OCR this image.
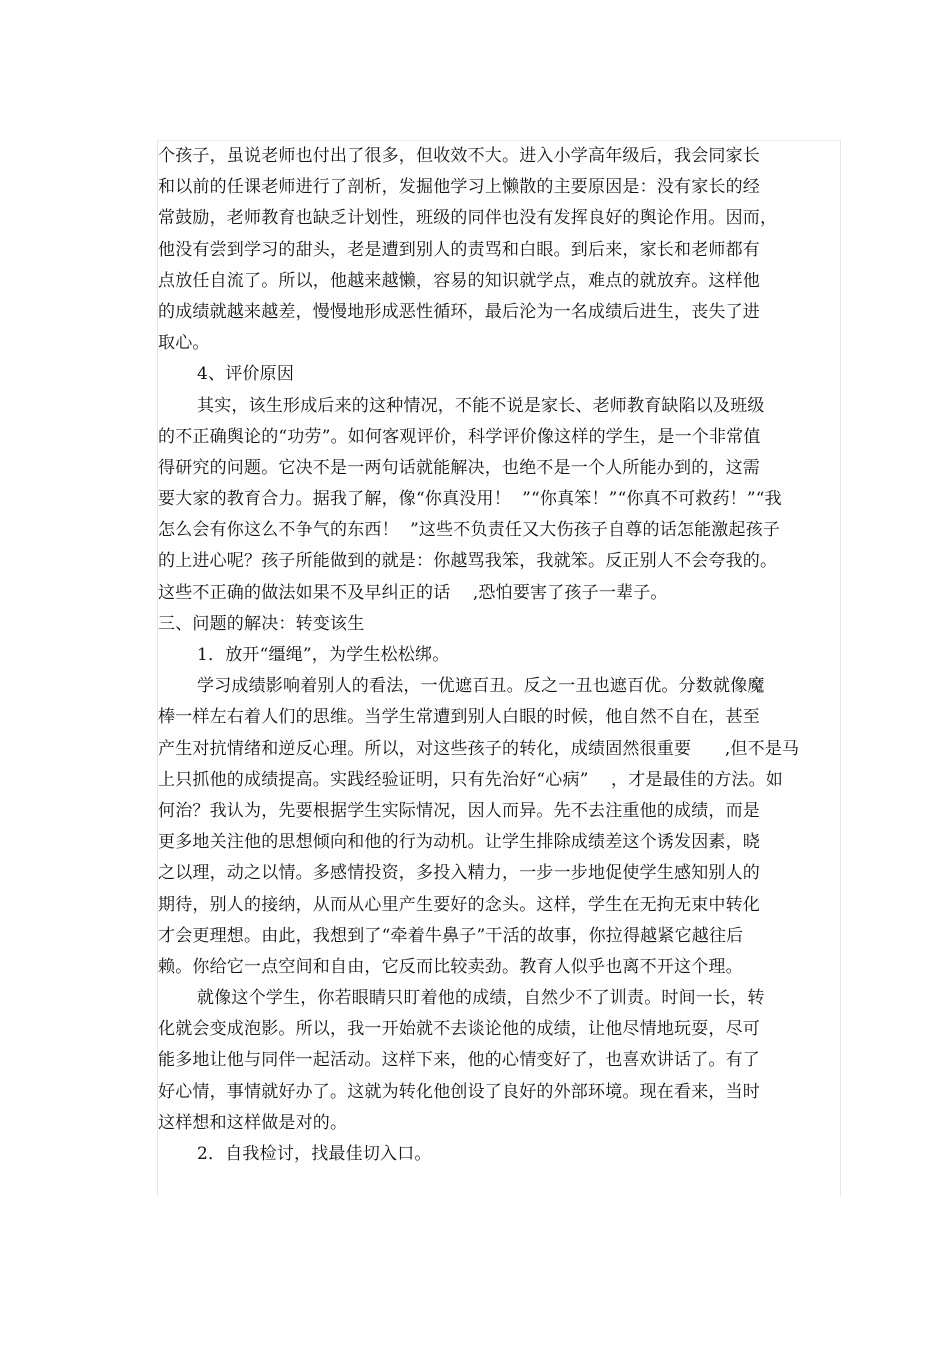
个孩子，虽说老师也付出了很多，但收效不大。进入小学高年级后，我会同家长
和以前的任课老师进行了剖析，发掘他学习上懒散的主要原因是：没有家长的经
常鼓励，老师教育也缺乏计划性，班级的同伴也没有发挥良好的舆论作用。因而，
他没有尝到学习的甜头，老是遭到别人的责骂和白眼。到后来，家长和老师都有
点放任自流了。所以，他越来越懒，容易的知识就学点，难点的就放弃。这样他
的成绩就越来越差，慢慢地形成恶性循环，最后沦为一名成绩后进生，丧失了进
取心。
4、评价原因
其实，该生形成后来的这种情况，不能不说是家长、老师教育缺陷以及班级
的不正确舆论的“功劳”。如何客观评价，科学评价像这样的学生，是一个非常值
得研究的问题。它决不是一两句话就能解决，也绝不是一个人所能办到的，这需
要大家的教育合力。据我了解，像“你真没用！  ”“你真笨！”“你真不可救药！”“我
怎么会有你这么不争气的东西！  ”这些不负责任又大伤孩子自尊的话怎能激起孩子
的上进心呢？孩子所能做到的就是：你越骂我笨，我就笨。反正别人不会夸我的。
这些不正确的做法如果不及早纠正的话    ,恐怕要害了孩子一辈子。
三、问题的解决：转变该生
1．放开“缰绳”，为学生松松绑。
学习成绩影响着别人的看法，一优遮百丑。反之一丑也遮百优。分数就像魔
棒一样左右着人们的思维。当学生常遭到别人白眼的时候，他自然不自在，甚至
产生对抗情绪和逆反心理。所以，对这些孩子的转化，成绩固然很重要      ,但不是马
上只抓他的成绩提高。实践经验证明，只有先治好“心病”    ，才是最佳的方法。如
何治？我认为，先要根据学生实际情况，因人而异。先不去注重他的成绩，而是
更多地关注他的思想倾向和他的行为动机。让学生排除成绩差这个诱发因素，晓
之以理，动之以情。多感情投资，多投入精力，一步一步地促使学生感知别人的
期待，别人的接纳，从而从心里产生要好的念头。这样，学生在无拘无束中转化
才会更理想。由此，我想到了“牵着牛鼻子”干活的故事，你拉得越紧它越往后
赖。你给它一点空间和自由，它反而比较卖劲。教育人似乎也离不开这个理。
就像这个学生，你若眼睛只盯着他的成绩，自然少不了训责。时间一长，转
化就会变成泡影。所以，我一开始就不去谈论他的成绩，让他尽情地玩耍，尽可
能多地让他与同伴一起活动。这样下来，他的心情变好了，也喜欢讲话了。有了
好心情，事情就好办了。这就为转化他创设了良好的外部环境。现在看来，当时
这样想和这样做是对的。
2．自我检讨，找最佳切入口。
